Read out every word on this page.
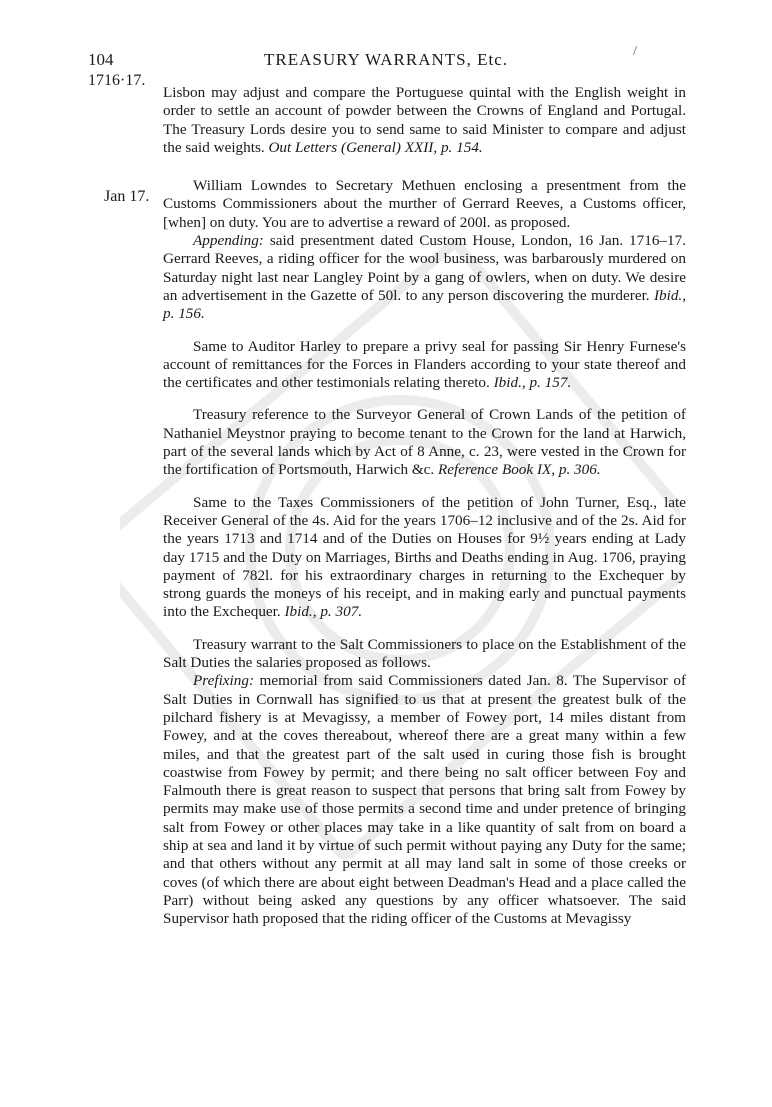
104	TREASURY WARRANTS, Etc.	/
1716·17.
Jan 17.

Lisbon may adjust and compare the Portuguese quintal with the English weight in order to settle an account of powder between the Crowns of England and Portugal. The Treasury Lords desire you to send same to said Minister to compare and adjust the said weights. Out Letters (General) XXII, p. 154.

William Lowndes to Secretary Methuen enclosing a presentment from the Customs Commissioners about the murther of Gerrard Reeves, a Customs officer, [when] on duty. You are to advertise a reward of 200l. as proposed.

Appending: said presentment dated Custom House, London, 16 Jan. 1716–17. Gerrard Reeves, a riding officer for the wool business, was barbarously murdered on Saturday night last near Langley Point by a gang of owlers, when on duty. We desire an advertisement in the Gazette of 50l. to any person discovering the murderer. Ibid., p. 156.

Same to Auditor Harley to prepare a privy seal for passing Sir Henry Furnese's account of remittances for the Forces in Flanders according to your state thereof and the certificates and other testimonials relating thereto. Ibid., p. 157.

Treasury reference to the Surveyor General of Crown Lands of the petition of Nathaniel Meystnor praying to become tenant to the Crown for the land at Harwich, part of the several lands which by Act of 8 Anne, c. 23, were vested in the Crown for the fortification of Portsmouth, Harwich &c. Reference Book IX, p. 306.

Same to the Taxes Commissioners of the petition of John Turner, Esq., late Receiver General of the 4s. Aid for the years 1706–12 inclusive and of the 2s. Aid for the years 1713 and 1714 and of the Duties on Houses for 9½ years ending at Lady day 1715 and the Duty on Marriages, Births and Deaths ending in Aug. 1706, praying payment of 782l. for his extraordinary charges in returning to the Exchequer by strong guards the moneys of his receipt, and in making early and punctual payments into the Exchequer. Ibid., p. 307.

Treasury warrant to the Salt Commissioners to place on the Establishment of the Salt Duties the salaries proposed as follows.

Prefixing: memorial from said Commissioners dated Jan. 8. The Supervisor of Salt Duties in Cornwall has signified to us that at present the greatest bulk of the pilchard fishery is at Mevagissy, a member of Fowey port, 14 miles distant from Fowey, and at the coves thereabout, whereof there are a great many within a few miles, and that the greatest part of the salt used in curing those fish is brought coastwise from Fowey by permit; and there being no salt officer between Foy and Falmouth there is great reason to suspect that persons that bring salt from Fowey by permits may make use of those permits a second time and under pretence of bringing salt from Fowey or other places may take in a like quantity of salt from on board a ship at sea and land it by virtue of such permit without paying any Duty for the same; and that others without any permit at all may land salt in some of those creeks or coves (of which there are about eight between Deadman's Head and a place called the Parr) without being asked any questions by any officer whatsoever. The said Supervisor hath proposed that the riding officer of the Customs at Mevagissy
